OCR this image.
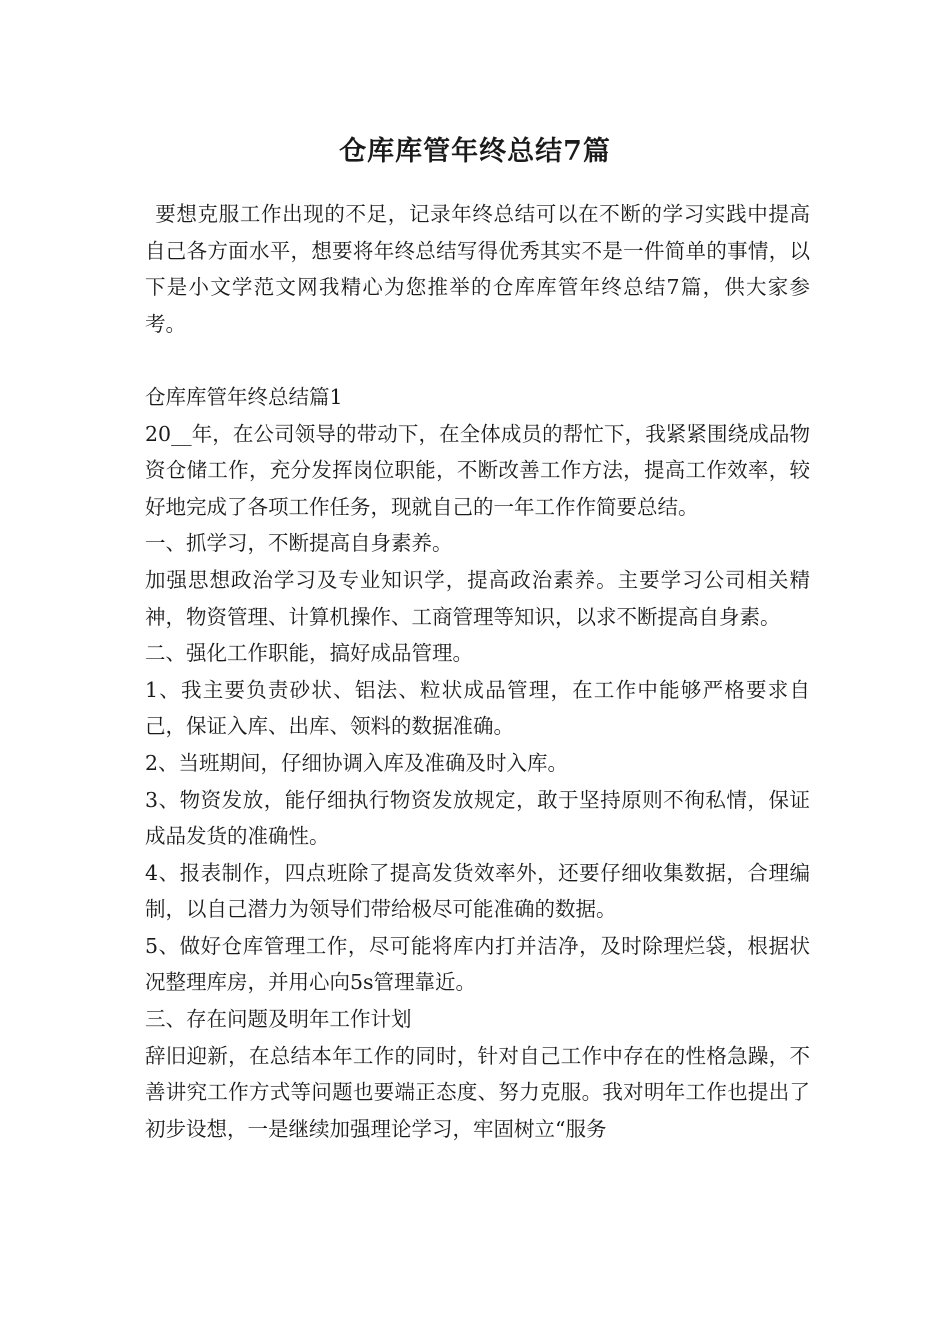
仓库库管年终总结7篇

要想克服工作出现的不足，记录年终总结可以在不断的学习实践中提高自己各方面水平，想要将年终总结写得优秀其实不是一件简单的事情，以下是小文学范文网我精心为您推举的仓库库管年终总结7篇，供大家参考。

仓库库管年终总结篇1

20__年，在公司领导的带动下，在全体成员的帮忙下，我紧紧围绕成品物资仓储工作，充分发挥岗位职能，不断改善工作方法，提高工作效率，较好地完成了各项工作任务，现就自己的一年工作作简要总结。

一、抓学习，不断提高自身素养。

加强思想政治学习及专业知识学，提高政治素养。主要学习公司相关精神，物资管理、计算机操作、工商管理等知识，以求不断提高自身素。

二、强化工作职能，搞好成品管理。

1、我主要负责砂状、铝法、粒状成品管理，在工作中能够严格要求自己，保证入库、出库、领料的数据准确。

2、当班期间，仔细协调入库及准确及时入库。

3、物资发放，能仔细执行物资发放规定，敢于坚持原则不徇私情，保证成品发货的准确性。

4、报表制作，四点班除了提高发货效率外，还要仔细收集数据，合理编制，以自己潜力为领导们带给极尽可能准确的数据。

5、做好仓库管理工作，尽可能将库内打并洁净，及时除理烂袋，根据状况整理库房，并用心向5s管理靠近。

三、存在问题及明年工作计划

辞旧迎新，在总结本年工作的同时，针对自己工作中存在的性格急躁，不善讲究工作方式等问题也要端正态度、努力克服。我对明年工作也提出了初步设想，一是继续加强理论学习，牢固树立“服务
